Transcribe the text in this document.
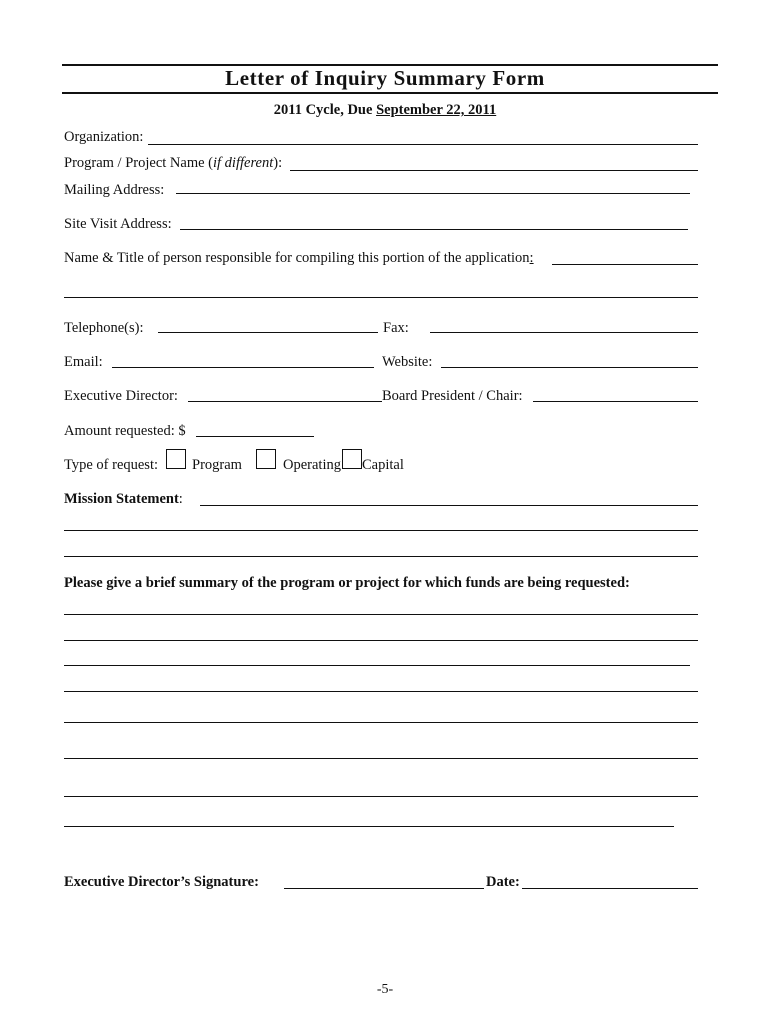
Letter of Inquiry Summary Form
2011 Cycle, Due September 22, 2011
Organization:
Program / Project Name (if different):
Mailing Address:
Site Visit Address:
Name & Title of person responsible for compiling this portion of the application:
Telephone(s):	Fax:
Email:	Website:
Executive Director:	Board President / Chair:
Amount requested: $
Type of request: Program	Operating Capital
Mission Statement:
Please give a brief summary of the program or project for which funds are being requested:
Executive Director’s Signature:	Date:
-5-
